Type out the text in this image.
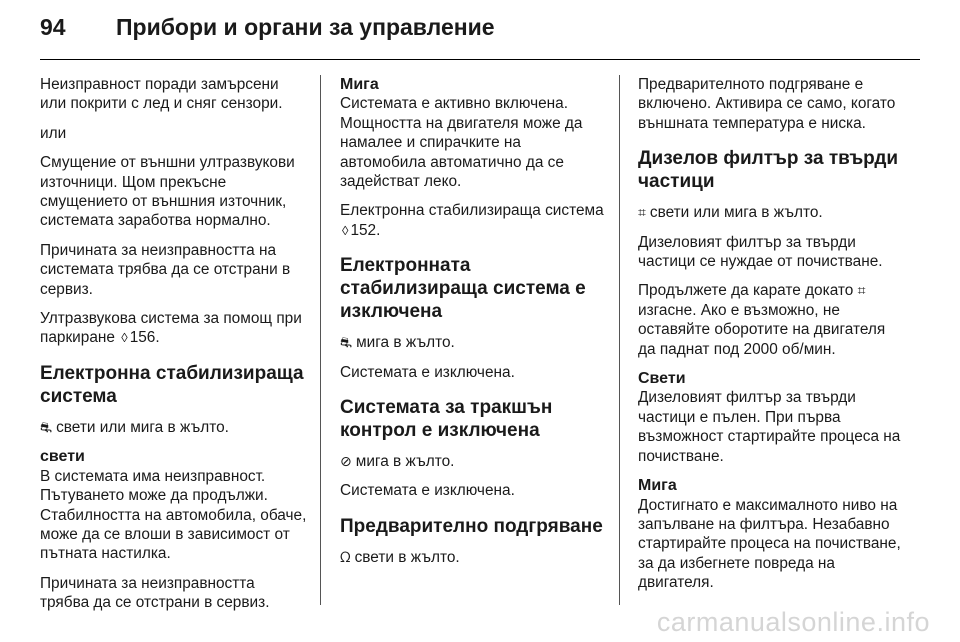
94	Прибори и органи за управление

Неизправност поради замърсени или покрити с лед и сняг сензори.

или

Смущение от външни ултразвукови източници. Щом прекъсне смущението от външния източник, системата заработва нормално.

Причината за неизправността на системата трябва да се отстрани в сервиз.

Ултразвукова система за помощ при паркиране ◊ 156.

Електронна стабилизираща система

⛐ свети или мига в жълто.

свети

В системата има неизправност. Пътуването може да продължи. Стабилността на автомобила, обаче, може да се влоши в зависимост от пътната настилка.

Причината за неизправността трябва да се отстрани в сервиз.

Мига

Системата е активно включена. Мощността на двигателя може да намалее и спирачките на автомобила автоматично да се задействат леко.

Електронна стабилизираща система ◊ 152.

Електронната стабилизираща система е изключена

⛐ мига в жълто.

Системата е изключена.

Системата за тракшън контрол е изключена

⊘ мига в жълто.

Системата е изключена.

Предварително подгряване

ᘯ свети в жълто.

Предварителното подгряване е включено. Активира се само, когато външната температура е ниска.

Дизелов филтър за твърди частици

⌗ свети или мига в жълто.

Дизеловият филтър за твърди частици се нуждае от почистване.

Продължете да карате докато ⌗изгасне. Ако е възможно, не оставяйте оборотите на двигателя да паднат под 2000 об/мин.

Свети

Дизеловият филтър за твърди частици е пълен. При първа възможност стартирайте процеса на почистване.

Мига

Достигнато е максималното ниво на запълване на филтъра. Незабавно стартирайте процеса на почистване, за да избегнете повреда на двигателя.

carmanualsonline.info
